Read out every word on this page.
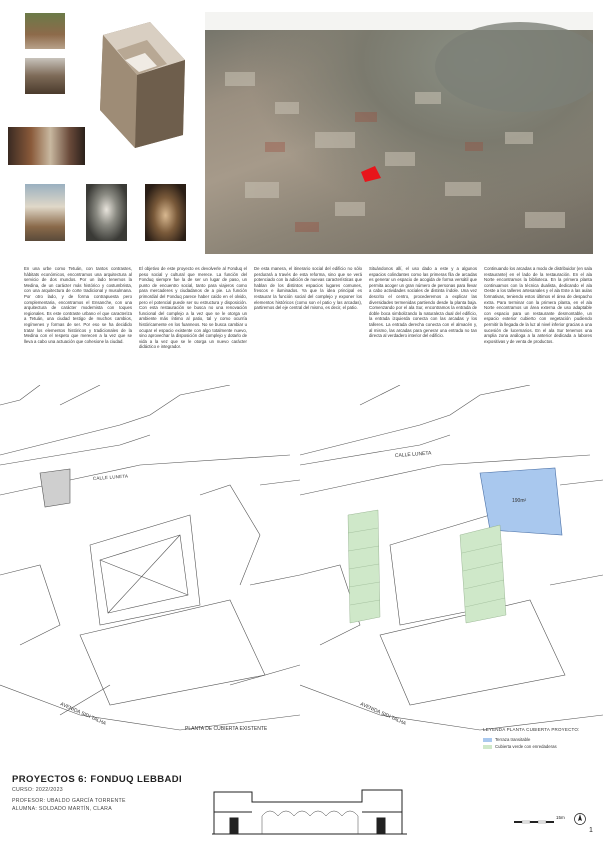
En una urbe como Tetuán, con tantos contrastes, hábitats económicos, encontramos una arquitectura al servicio de dos mundos. Por un lado tenemos la Medina, de un carácter más histórico y costumbrista, con una arquitectura de corte tradicional y musulmana. Por otro lado, y de forma contrapuesta pero complementaria, encontramos el Ensanche, con una arquitectura de carácter modernista con toques regionales. Es este contraste urbano el que caracteriza a Tetuán, una ciudad testigo de muchos cambios, regímenes y formas de ser. Por eso se ha decidido tratar los elementos históricos y tradicionales de la Medina con el respeto que merecen a la vez que se lleva a cabo una actuación que cohesione la ciudad.
El objetivo de este proyecto es devolverle al Fonduq el peso social y cultural que merece. La función del Fonduq siempre fue la de ser un lugar de paso, un punto de encuentro social, tanto para viajeros como para mercaderes y ciudadanos de a pie. La función primordial del Fonduq parece haber caído en el olvido, pero el potencial puede ser su estructura y disposición. Con esta restauración se busca no una renovación funcional del complejo a la vez que se le otorga un ambiente más íntimo al patio, tal y como ocurría históricamente en los fuanneos. No se busca cambiar u ocupar el espacio existente con algo totalmente nuevo, sino aprovechar la disposición del complejo y dotarlo de vida a la vez que se le otorga un nuevo carácter didáctico e integrador.
De esta manera, el itinerario social del edificio no sólo perdurará a través de esta reforma, sino que se verá potenciado con la adición de nuevas características que hablan de los distintos espacios lugares comunes, frescos e iluminados. Ya que la idea principal es restaurar la función social del complejo y exponer los elementos históricos (como son el patio y las arcadas), partiremos del eje central del mismo, es decir, el patio.
Situándonos allí, el uso dado a este y a algunos espacios colindantes como las primeras fila de arcadas es generar un espacio de acogida de forma versátil que permita acoger un gran número de personas para llevar a cabo actividades sociales de distinta índole. Una vez descrito el centro, procederemos a explicar las diversidades termenidas partiendo desde la planta baja. Comenzando por el ala Sur, encontramos la entrada de doble boca simbolizando la naturaleza dual del edificio, la entrada izquierda conecta con las arcadas y los talleres. La entrada derecha conecta con el almacén y, al mismo, las arcadas para generar una entrada no tan directa al verdadero interior del edificio.
Continuando los arcadas a modo de distribuidor (en sala restaurante) en el lado de la restauración. En el ala Norte encontramos la biblioteca. En la primera planta continuamos con la técnica dualista, dedicando el ala Oeste a los talleres artesanales y el ala Este a las aulas formativas, teniendo estos últimos el área de despacho extra. Para terminar con la primera planta, en el ala Norte encontramos un área externa de uso adaptable con espacio para un restaurante desmontable, un espacio exterior cubierto con vegetación pudiendo permitir la llegada de la luz al nivel inferior gracias a una sucesión de lucernarios. En el ala Sur tenemos una amplia zona análoga a la anterior dedicada a labores expositivas y de venta de productos.
CALLE LUNETA
AVENIDA SIDI TALHA
PLANTA DE CUBIERTA EXISTENTE
190m²
CALLE LUNETA
AVENIDA SIDI TALHA
LEYENDA PLANTA CUBIERTA PROYECTO:
Terraza transitable
Cubierta verde con enredaderas
PROYECTOS 6: FONDUQ LEBBADI
CURSO: 2022/2023
PROFESOR: UBALDO GARCÍA TORRENTE
ALUMNA: SOLDADO MARTÍN, CLARA
15m
1
